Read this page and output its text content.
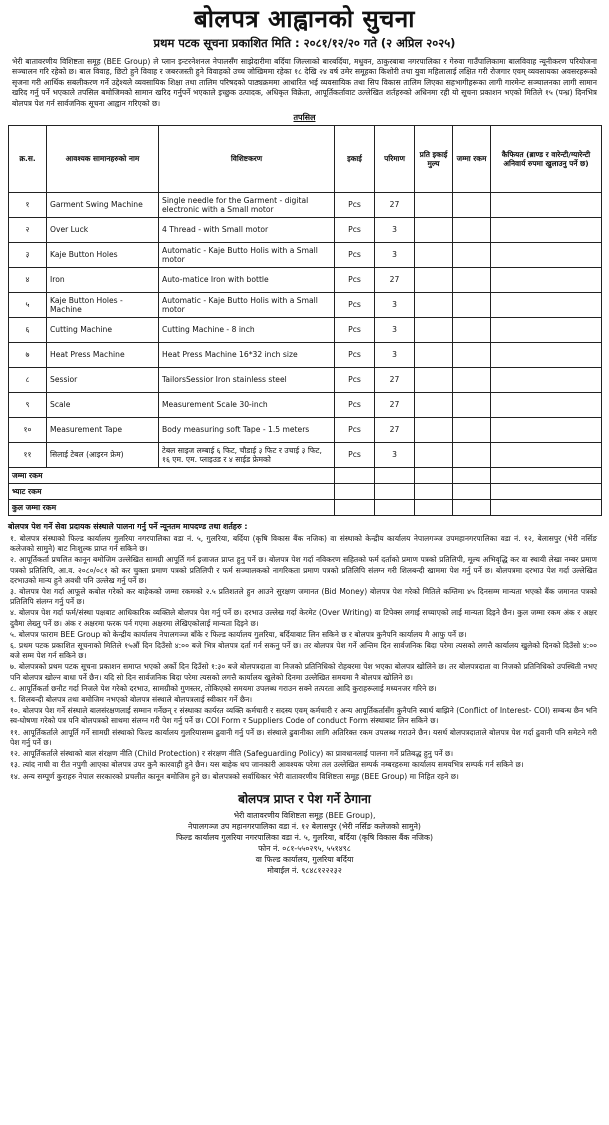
बोलपत्र आह्वानको सुचना
प्रथम पटक सूचना प्रकाशित मिति : २०८१/१२/२० गते (२ अप्रिल २०२५)

भेरी बातावरणीय विशिष्टता समूह (BEE Group) ले प्लान इन्टरनेशनल नेपालसँग साझेदारीमा बर्दिया जिल्लाको बारबर्दिया, मधुवन, ठाकुरबाबा नगरपालिका र गेरुवा गाउँपालिकामा बालविवाह न्यूनीकरण परियोजना सञ्चालन गरि रहेको छ। बाल विवाह, छिटो हुने विवाह र जबरजस्ती हुने विवाहको उच्च जोखिममा रहेका १८ देखि २४ वर्ष उमेर समूहका किशोरी तथा युवा महिलालाई लक्षित गरी रोजगार एवम् व्यवसायका अवसरहरूको सृजना गरी आर्थिक सबलीकरण गर्ने उद्देश्यले व्यवसायिक शिक्षा तथा तालिम परिषदको पाठ्यक्रममा आधारित भई व्यवसायिक तथा सिप विकास तालिम लिएका सहभागीहरूका लागी गारमेन्ट सञ्चालनका लागी सामान खरिद गर्नु पर्ने भएकाले तपसिल बमोजिमको सामान खरिद गर्नुपर्ने भएकाले इच्छुक उत्पादक, अधिकृत विक्रेता, आपूर्तिकर्तावाट उल्लेखित शर्तहरुको अधिनमा रही यो सूचना प्रकाशन भएको मितिले १५ (पन्ध्र) दिनभित्र बोलपत्र पेश गर्न सार्वजनिक सूचना आह्वान गरिएको छ।

तपसिल
क्र.स.	आवश्यक सामानहरुको नाम	विशिष्टकरण	इकाई	परिमाण	प्रति इकाई मुल्य	जम्मा रकम	कैफियत (ब्राण्ड र वारेन्टी/ग्यारेन्टी अनिवार्य रुपमा खुलाउनु पर्ने छ)
१	Garment Swing Machine	Single needle for the Garment - digital electronic with a Small motor	Pcs	27			
२	Over Luck	4 Thread - with Small motor	Pcs	3			
३	Kaje Button Holes	Automatic - Kaje Butto Holis with a Small motor	Pcs	3			
४	Iron	Auto-matice Iron with bottle	Pcs	27			
५	Kaje Button Holes - Machine	Automatic - Kaje Butto Holis with a Small motor	Pcs	3			
६	Cutting Machine	Cutting Machine - 8 inch	Pcs	3			
७	Heat Press Machine	Heat Press Machine 16*32 inch size	Pcs	3			
८	Sessior	TailorsSessior Iron stainless steel	Pcs	27			
९	Scale	Measurement Scale 30-inch	Pcs	27			
१०	Measurement Tape	Body measuring soft Tape - 1.5 meters	Pcs	27			
११	सिलाई टेबल (आइरन फ्रेम)	टेबल साइज लम्बाई ६ फिट, चौडाई ३ फिट र उचाई ३ फिट, १६ एम. एम. प्लाइउड र ४ साईड फ्रेमको	Pcs	3			
जम्मा रकम							
भ्याट रकम							
कुल जम्मा रकम							
बोलपत्र पेश गर्ने सेवा प्रदायक संस्थाले पालना गर्नु पर्ने न्यूनतम मापदण्ड तथा शर्तहरु :
१. बोलपत्र संस्थाको फिल्ड कार्यालय गुलरिया नगरपालिका वडा नं. ५, गुलरिया, बर्दिया (कृषि विकास बैंक नजिक) वा संस्थाको केन्द्रीय कार्यालय नेपालगञ्ज उपमहानगरपालिका वडा नं. १२, बेलासपुर (भेरी नर्सिङ कलेजको सामुने) बाट निःशुल्क प्राप्त गर्न सकिने छ।
२. आपूर्तिकर्ता प्रचलित कानून बमोजिम उल्लेखित सामग्री आपूर्ति गर्न इजाजत प्राप्त हुनु पर्ने छ। बोलपत्र पेश गर्दा नविकरण सहितको फर्म दर्ताको प्रमाण पत्रको प्रतिलिपी, मूल्य अभिवृद्धि कर वा स्थायी लेखा नम्बर प्रमाण पत्रको प्रतिलिपि, आ.व. २०८०/०८१ को कर चुक्ता प्रमाण पत्रको प्रतिलिपी र फर्म सञ्चालकको नागरिकता प्रमाण पत्रको प्रतिलिपि संलग्न गरी शिलबन्दी खाममा पेश गर्नु पर्ने छ। बोलपत्रमा दरभाउ पेश गर्दा उल्लेखित दरभाउको मान्य हुने अवधी पनि उल्लेख गर्नु पर्ने छ।
३. बोलपत्र पेश गर्दा आफूले कबोल गरेको कर बाहेकको जम्मा रकमको २.५ प्रतिशतले हुन आउने सुरक्षण जमानत (Bid Money) बोलपत्र पेश गरेको मितिले कम्तिमा ४५ दिनसम्म मान्यता भएको बैंक जमानत पत्रको प्रतिलिपि संलग्न गर्नु पर्ने छ।
४. बोलपत्र पेश गर्दा फर्म/संस्था पक्षबाट आधिकारिक व्यक्तिले बोलपत्र पेश गर्नु पर्ने छ। दरभाउ उल्लेख गर्दा केरमेट (Over Writing) वा टिपेक्स लगाई सच्याएको लाई मान्यता दिइने छैन। कुल जम्मा रकम अंक र अक्षर दुवैमा लेख्नु पर्ने छ। अंक र अक्षरमा फरक पर्न गएमा अक्षरमा लेखिएकोलाई मान्यता दिइने छ।
५. बोलपत्र फाराम BEE Group को केन्द्रीय कार्यालय नेपालगञ्ज बाँके र फिल्ड कार्यालय गुलरिया, बर्दियाबाट लिन सकिने छ र बोलपत्र कुनैपनि कार्यालय मै आफु पर्ने छ।
६. प्रथम पटक प्रकाशित सूचनाको मितिले १५औं दिन दिउँसो ४:०० बजे भित्र बोलपत्र दर्ता गर्न सकनु पर्ने छ। तर बोलपत्र पेश गर्ने अन्तिम दिन सार्वजनिक बिदा परेमा त्यसको लगत्तै कार्यालय खुलेको दिनको दिउँसो ४:०० बजे सम्म पेश गर्न सकिने छ।
७. बोलपत्रको प्रथम पटक सूचना प्रकाशन समाप्त भएको अर्को दिन दिउँसो १:३० बजे बोलपत्रदाता वा निजको प्रतिनिधिको रोहबरमा पेश भएका बोलपत्र खोलिने छ। तर बोलपत्रदाता वा निजको प्रतिनिधिको उपस्थिती नभए पनि बोलपत्र खोल्न बाधा पर्ने छैन। यदि सो दिन सार्वजनिक बिदा परेमा त्यसको लगत्तै कार्यालय खुलेको दिनमा उल्लेखित समयमा नै बोलपत्र खोलिने छ।
८. आपूर्तिकर्ता छनौट गर्दा निजले पेश गरेको दरभाउ, सामग्रीको गुणस्तर, तोकिएको समयमा उपलब्ध गराउन सक्ने तत्परता आदि कुराहरूलाई मध्यनजर गरिने छ।
९. शिलबन्दी बोलपत्र तथा बमोजिम नभएको बोलपत्र संस्थाले बोलपत्रलाई स्वीकार गर्ने छैन।
१०. बोलपत्र पेश गर्ने संस्थाले बालसंरक्षणलाई सम्मान गर्नेछन् र संस्थाका कार्यरत व्यक्ति कर्मचारी र सदस्य एवम् कर्मचारी र अन्य आपूर्तिकर्तासँग कुनैपनि स्वार्थ बाझिने (Conflict of Interest- COI) सम्बन्ध छैन भनि स्व-घोषणा गरेको पत्र पनि बोलपत्रको साथमा संलग्न गरी पेश गर्नु पर्ने छ। COI Form र Suppliers Code of conduct Form संस्थाबाट लिन सकिने छ।
११. आपूर्तिकर्ताले आपूर्ति गर्ने सामग्री संस्थाको फिल्ड कार्यालय गुलरियासम्म ढुवानी गर्नु पर्ने छ। संस्थाले ढुवानीका लागि अतिरिक्त रकम उपलब्ध गराउने छैन। यसर्थ बोलपत्रदाताले बोलपत्र पेश गर्दा ढुवानी पनि समेटने गरी पेश गर्नु पर्ने छ।
१२. आपूर्तिकर्ताले संस्थाको बाल संरक्षण नीति (Child Protection) र संरक्षण नीति (Safeguarding Policy) का प्रावधानलाई पालना गर्ने प्रतिबद्ध हुनु पर्ने छ।
१३. त्यांद नाघी वा रीत नपुगी आएका बोलपत्र उपर कुनै कारवाही हुने छैन। यस बाहेक थप जानकारी आवश्यक परेमा तल उल्लेखित सम्पर्क नम्बरहरुमा कार्यालय समयभित्र सम्पर्क गर्न सकिने छ।
१४. अन्य सम्पूर्ण कुराहरु नेपाल सरकारको प्रचलीत कानून बमोजिम हुने छ। बोलपत्रको सर्वाधिकार भेरी वातावरणीय विशिष्टता समूह (BEE Group) मा निहित रहने छ।
बोलपत्र प्राप्त र पेश गर्ने ठेगाना
भेरी वातावरणीय विशिष्टता समूह (BEE Group),
नेपालगञ्ज उप महानगरपालिका वडा नं. १२ बेलासपुर (भेरी नर्सिङ कलेजको सामुने)
फिल्ड कार्यालय गुलरिया नगरपालिका वडा नं. ५, गुलरिया, बर्दिया (कृषि विकास बैंक नजिक)
फोन नं. ०८१-५५०२९५, ५५१४९८
वा फिल्ड कार्यालय, गुलरिया बर्दिया
मोबाईल नं. ९८४८१२२२३२
